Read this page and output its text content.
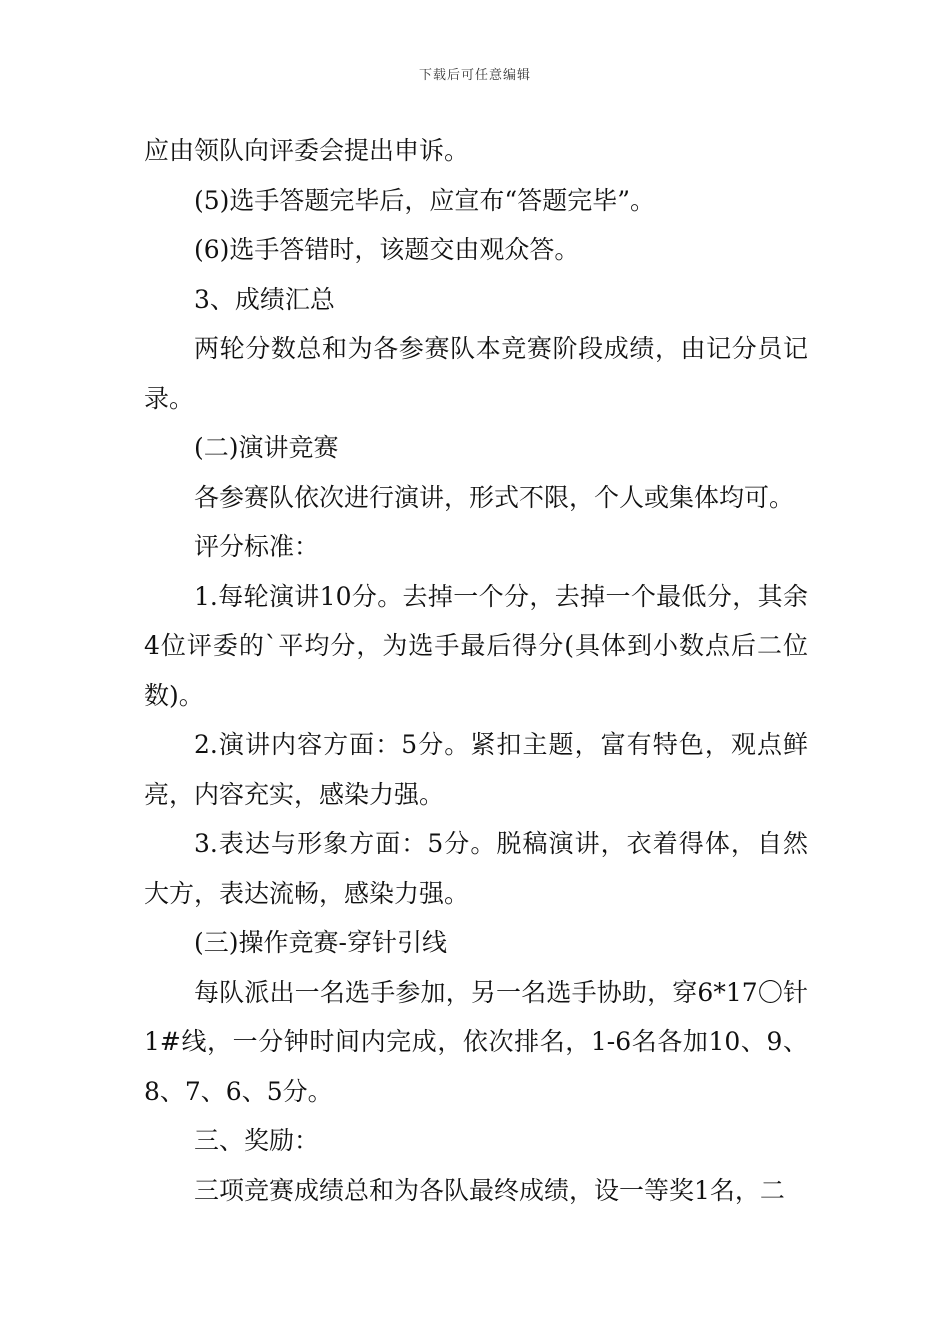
下载后可任意编辑

应由领队向评委会提出申诉。

(5)选手答题完毕后，应宣布“答题完毕”。

(6)选手答错时，该题交由观众答。

3、成绩汇总

两轮分数总和为各参赛队本竞赛阶段成绩，由记分员记录。

(二)演讲竞赛

各参赛队依次进行演讲，形式不限，个人或集体均可。

评分标准：

1.每轮演讲10分。去掉一个分，去掉一个最低分，其余4位评委的`平均分，为选手最后得分(具体到小数点后二位数)。

2.演讲内容方面：5分。紧扣主题，富有特色，观点鲜亮，内容充实，感染力强。

3.表达与形象方面：5分。脱稿演讲，衣着得体，自然大方，表达流畅，感染力强。

(三)操作竞赛-穿针引线

每队派出一名选手参加，另一名选手协助，穿6*17〇针 1#线，一分钟时间内完成，依次排名，1-6名各加10、9、8、7、6、5分。

三、奖励：

三项竞赛成绩总和为各队最终成绩，设一等奖1名，二
